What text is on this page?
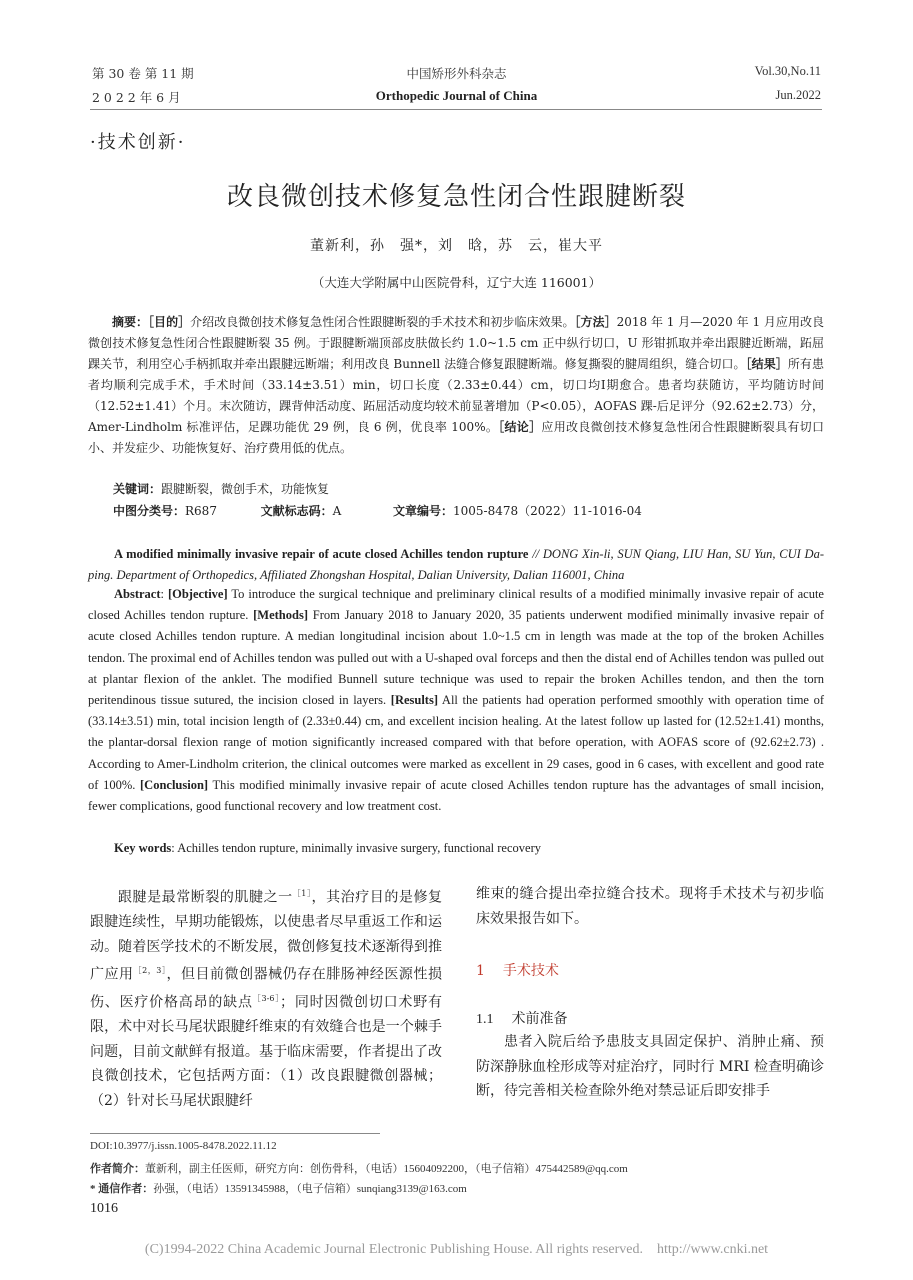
第 30 卷 第 11 期
2 0 2 2 年 6 月
中国矫形外科杂志
Orthopedic Journal of China
Vol.30,No.11
Jun.2022
·技术创新·
改良微创技术修复急性闭合性跟腱断裂
董新利，孙　强*，刘　晗，苏　云，崔大平
（大连大学附属中山医院骨科，辽宁大连 116001）
摘要：［目的］介绍改良微创技术修复急性闭合性跟腱断裂的手术技术和初步临床效果。［方法］2018 年 1 月—2020 年 1 月应用改良微创技术修复急性闭合性跟腱断裂 35 例。于跟腱断端顶部皮肤做长约 1.0~1.5 cm 正中纵行切口，U 形钳抓取并牵出跟腱近断端，跖屈踝关节，利用空心手柄抓取并牵出跟腱远断端；利用改良 Bunnell 法缝合修复跟腱断端。修复撕裂的腱周组织，缝合切口。［结果］所有患者均顺利完成手术，手术时间（33.14±3.51）min，切口长度（2.33±0.44）cm，切口均Ⅰ期愈合。患者均获随访，平均随访时间（12.52±1.41）个月。末次随访，踝背伸活动度、跖屈活动度均较术前显著增加（P<0.05），AOFAS 踝-后足评分（92.62±2.73）分，Amer-Lindholm 标准评估，足踝功能优 29 例，良 6 例，优良率 100%。［结论］应用改良微创技术修复急性闭合性跟腱断裂具有切口小、并发症少、功能恢复好、治疗费用低的优点。
关键词：跟腱断裂，微创手术，功能恢复
中图分类号：R687	文献标志码：A	文章编号：1005-8478（2022）11-1016-04
A modified minimally invasive repair of acute closed Achilles tendon rupture // DONG Xin-li, SUN Qiang, LIU Han, SU Yun, CUI Da-ping. Department of Orthopedics, Affiliated Zhongshan Hospital, Dalian University, Dalian 116001, China
Abstract: [Objective] To introduce the surgical technique and preliminary clinical results of a modified minimally invasive repair of acute closed Achilles tendon rupture. [Methods] From January 2018 to January 2020, 35 patients underwent modified minimally invasive repair of acute closed Achilles tendon rupture. A median longitudinal incision about 1.0~1.5 cm in length was made at the top of the broken Achilles tendon. The proximal end of Achilles tendon was pulled out with a U-shaped oval forceps and then the distal end of Achilles tendon was pulled out at plantar flexion of the anklet. The modified Bunnell suture technique was used to repair the broken Achilles tendon, and then the torn peritendinous tissue sutured, the incision closed in layers. [Results] All the patients had operation performed smoothly with operation time of (33.14±3.51) min, total incision length of (2.33±0.44) cm, and excellent incision healing. At the latest follow up lasted for (12.52±1.41) months, the plantar-dorsal flexion range of motion significantly increased compared with that before operation, with AOFAS score of (92.62±2.73) . According to Amer-Lindholm criterion, the clinical outcomes were marked as excellent in 29 cases, good in 6 cases, with excellent and good rate of 100%. [Conclusion] This modified minimally invasive repair of acute closed Achilles tendon rupture has the advantages of small incision, fewer complications, good functional recovery and low treatment cost.
Key words: Achilles tendon rupture, minimally invasive surgery, functional recovery
跟腱是最常断裂的肌腱之一$^{[1]}$，其治疗目的是修复跟腱连续性，早期功能锻炼，以使患者尽早重返工作和运动。随着医学技术的不断发展，微创修复技术逐渐得到推广应用$^{[2,3]}$，但目前微创器械仍存在腓肠神经医源性损伤、医疗价格高昂的缺点$^{[3-6]}$；同时因微创切口术野有限，术中对长马尾状跟腱纤维束的有效缝合也是一个棘手问题，目前文献鲜有报道。基于临床需要，作者提出了改良微创技术，它包括两方面：（1）改良跟腱微创器械；（2）针对长马尾状跟腱纤
维束的缝合提出牵拉缝合技术。现将手术技术与初步临床效果报告如下。
1 手术技术
1.1 术前准备
患者入院后给予患肢支具固定保护、消肿止痛、预防深静脉血栓形成等对症治疗，同时行 MRI 检查明确诊断，待完善相关检查除外绝对禁忌证后即安排手
DOI:10.3977/j.issn.1005-8478.2022.11.12
作者简介：董新利，副主任医师，研究方向：创伤骨科，（电话）15604092200，（电子信箱）475442589@qq.com
* 通信作者：孙强，（电话）13591345988，（电子信箱）sunqiang3139@163.com
1016
(C)1994-2022 China Academic Journal Electronic Publishing House. All rights reserved.　http://www.cnki.net
